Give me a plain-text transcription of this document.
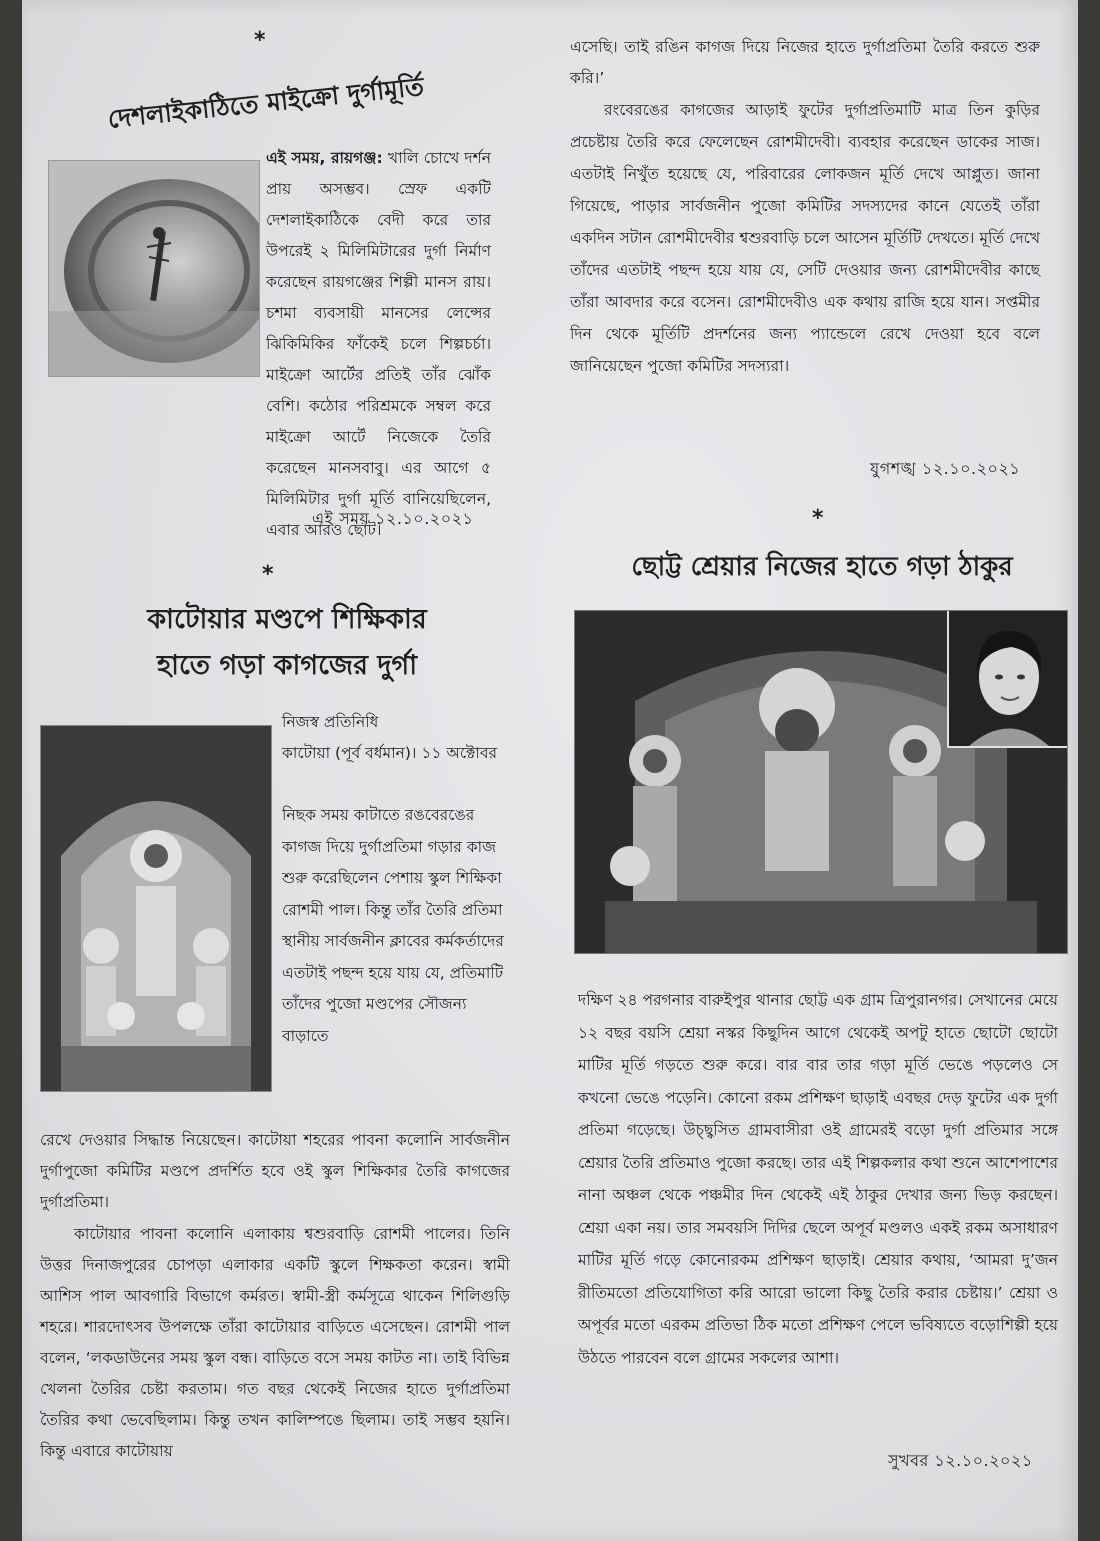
*
দেশলাইকাঠিতে মাইক্রো দুর্গামূর্তি

এই সময়, রায়গঞ্জ: খালি চোখে দর্শন প্রায় অসম্ভব। স্রেফ একটি দেশলাইকাঠিকে বেদী করে তার উপরেই ২ মিলিমিটারের দুর্গা নির্মাণ করেছেন রায়গঞ্জের শিল্পী মানস রায়। চশমা ব্যবসায়ী মানসের লেন্সের ঝিকিমিকির ফাঁকেই চলে শিল্পচর্চা। মাইক্রো আর্টের প্রতিই তাঁর ঝোঁক বেশি। কঠোর পরিশ্রমকে সম্বল করে মাইক্রো আর্টে নিজেকে তৈরি করেছেন মানসবাবু। এর আগে ৫ মিলিমিটার দুর্গা মূর্তি বানিয়েছিলেন, এবার আরও ছোট।

এই সময় ১২.১০.২০২১
*
কাটোয়ার মণ্ডপে শিক্ষিকার
হাতে গড়া কাগজের দুর্গা
নিজস্ব প্রতিনিধি
কাটোয়া (পূর্ব বর্ধমান)। ১১ অক্টোবর

নিছক সময় কাটাতে রঙবেরঙের কাগজ দিয়ে দুর্গাপ্রতিমা গড়ার কাজ শুরু করেছিলেন পেশায় স্কুল শিক্ষিকা রোশমী পাল। কিন্তু তাঁর তৈরি প্রতিমা স্থানীয় সার্বজনীন ক্লাবের কর্মকর্তাদের এতটাই পছন্দ হয়ে যায় যে, প্রতিমাটি তাঁদের পুজো মণ্ডপের সৌজন্য বাড়াতে

রেখে দেওয়ার সিদ্ধান্ত নিয়েছেন। কাটোয়া শহরের পাবনা কলোনি সার্বজনীন দুর্গাপুজো কমিটির মণ্ডপে প্রদর্শিত হবে ওই স্কুল শিক্ষিকার তৈরি কাগজের দুর্গাপ্রতিমা।

কাটোয়ার পাবনা কলোনি এলাকায় শ্বশুরবাড়ি রোশমী পালের। তিনি উত্তর দিনাজপুরের চোপড়া এলাকার একটি স্কুলে শিক্ষকতা করেন। স্বামী আশিস পাল আবগারি বিভাগে কর্মরত। স্বামী-স্ত্রী কর্মসূত্রে থাকেন শিলিগুড়ি শহরে। শারদোৎসব উপলক্ষে তাঁরা কাটোয়ার বাড়িতে এসেছেন। রোশমী পাল বলেন, ‘লকডাউনের সময় স্কুল বন্ধ। বাড়িতে বসে সময় কাটত না। তাই বিভিন্ন খেলনা তৈরির চেষ্টা করতাম। গত বছর থেকেই নিজের হাতে দুর্গাপ্রতিমা তৈরির কথা ভেবেছিলাম। কিন্তু তখন কালিম্পঙে ছিলাম। তাই সম্ভব হয়নি। কিন্তু এবারে কাটোয়ায়

এসেছি। তাই রঙিন কাগজ দিয়ে নিজের হাতে দুর্গাপ্রতিমা তৈরি করতে শুরু করি।’

রংবেরঙের কাগজের আড়াই ফুটের দুর্গাপ্রতিমাটি মাত্র তিন কুড়ির প্রচেষ্টায় তৈরি করে ফেলেছেন রোশমীদেবী। ব্যবহার করেছেন ডাকের সাজ। এতটাই নিখুঁত হয়েছে যে, পরিবারের লোকজন মূর্তি দেখে আপ্লুত। জানা গিয়েছে, পাড়ার সার্বজনীন পুজো কমিটির সদস্যদের কানে যেতেই তাঁরা একদিন সটান রোশমীদেবীর শ্বশুরবাড়ি চলে আসেন মূর্তিটি দেখতে। মূর্তি দেখে তাঁদের এতটাই পছন্দ হয়ে যায় যে, সেটি দেওয়ার জন্য রোশমীদেবীর কাছে তাঁরা আবদার করে বসেন। রোশমীদেবীও এক কথায় রাজি হয়ে যান। সপ্তমীর দিন থেকে মূর্তিটি প্রদর্শনের জন্য প্যান্ডেলে রেখে দেওয়া হবে বলে জানিয়েছেন পুজো কমিটির সদস্যরা।

যুগশঙ্খ ১২.১০.২০২১
*
ছোট্ট শ্রেয়ার নিজের হাতে গড়া ঠাকুর

দক্ষিণ ২৪ পরগনার বারুইপুর থানার ছোট্ট এক গ্রাম ত্রিপুরানগর। সেখানের মেয়ে ১২ বছর বয়সি শ্রেয়া নস্কর কিছুদিন আগে থেকেই অপটু হাতে ছোটো ছোটো মাটির মূর্তি গড়তে শুরু করে। বার বার তার গড়া মূর্তি ভেঙে পড়লেও সে কখনো ভেঙে পড়েনি। কোনো রকম প্রশিক্ষণ ছাড়াই এবছর দেড় ফুটের এক দুর্গা প্রতিমা গড়েছে। উচ্ছ্বসিত গ্রামবাসীরা ওই গ্রামেরই বড়ো দুর্গা প্রতিমার সঙ্গে শ্রেয়ার তৈরি প্রতিমাও পুজো করছে। তার এই শিল্পকলার কথা শুনে আশেপাশের নানা অঞ্চল থেকে পঞ্চমীর দিন থেকেই এই ঠাকুর দেখার জন্য ভিড় করছেন। শ্রেয়া একা নয়। তার সমবয়সি দিদির ছেলে অপূর্ব মণ্ডলও একই রকম অসাধারণ মাটির মূর্তি গড়ে কোনোরকম প্রশিক্ষণ ছাড়াই। শ্রেয়ার কথায়, ‘আমরা দু’জন রীতিমতো প্রতিযোগিতা করি আরো ভালো কিছু তৈরি করার চেষ্টায়।’ শ্রেয়া ও অপূর্বর মতো এরকম প্রতিভা ঠিক মতো প্রশিক্ষণ পেলে ভবিষ্যতে বড়োশিল্পী হয়ে উঠতে পারবেন বলে গ্রামের সকলের আশা।

সুখবর ১২.১০.২০২১
